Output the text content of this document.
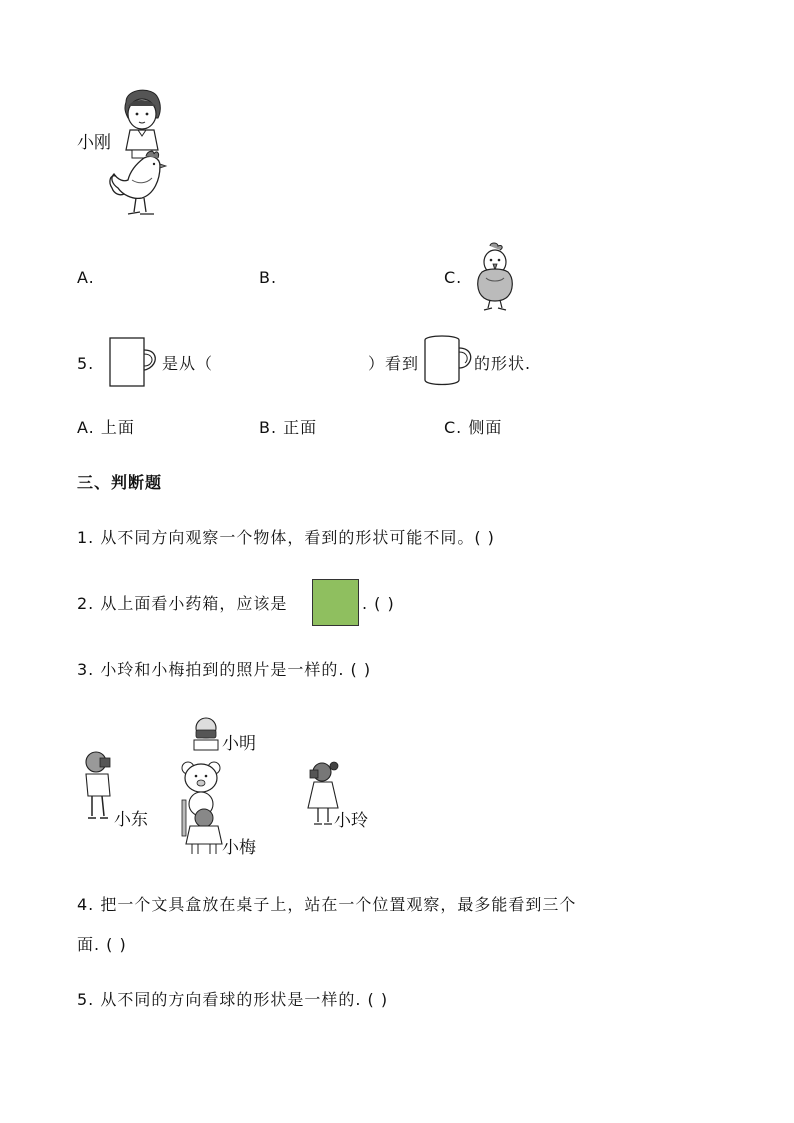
小刚
A.	B.	C.
5.	是从（	）看到	的形状.
A. 上面	B. 正面	C. 侧面
三、判断题
1. 从不同方向观察一个物体，看到的形状可能不同。( )
2. 从上面看小药箱，应该是	. ( )
3. 小玲和小梅拍到的照片是一样的. ( )
小明
小东
小梅
小玲
4. 把一个文具盒放在桌子上，站在一个位置观察，最多能看到三个
面. ( )
5. 从不同的方向看球的形状是一样的. ( )
